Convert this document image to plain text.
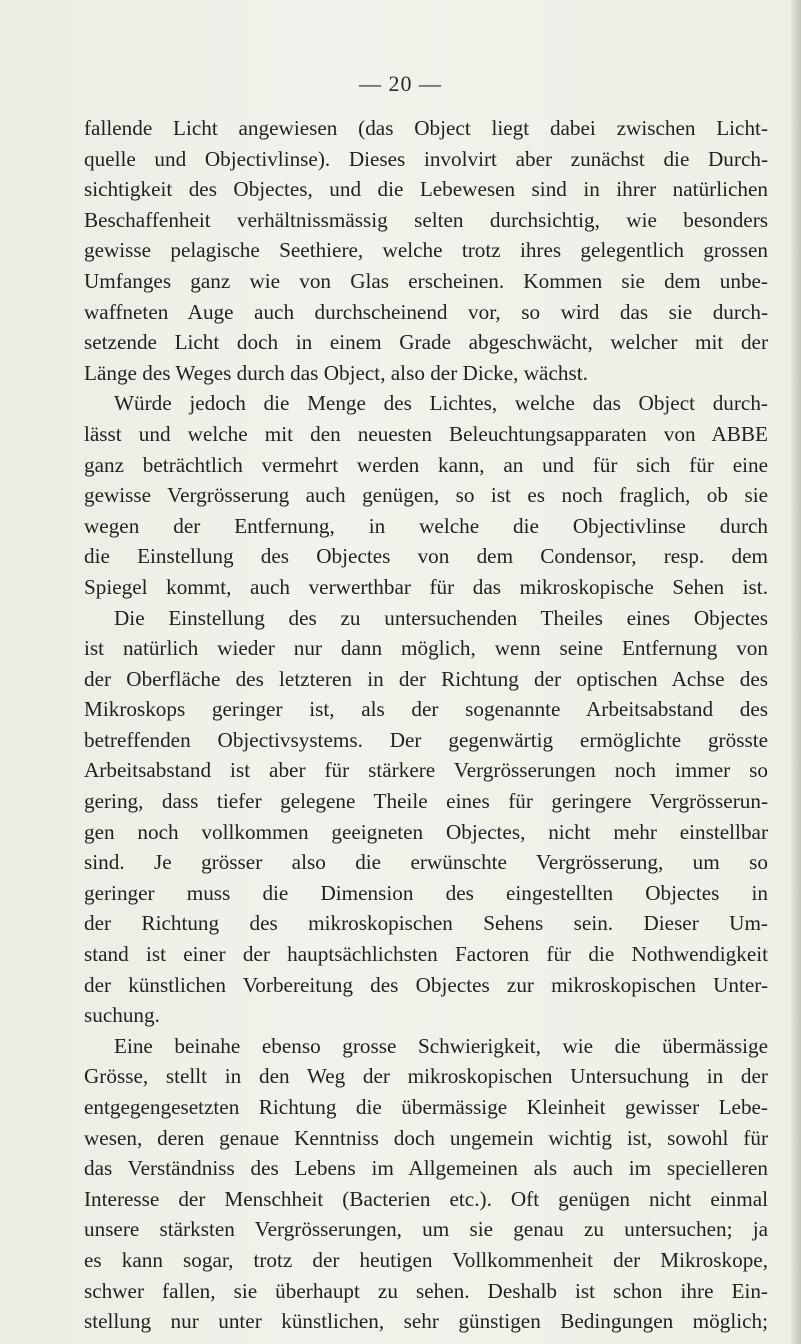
— 20 —
fallende Licht angewiesen (das Object liegt dabei zwischen Licht-
quelle und Objectivlinse). Dieses involvirt aber zunächst die Durch-
sichtigkeit des Objectes, und die Lebewesen sind in ihrer natürlichen
Beschaffenheit verhältnissmässig selten durchsichtig, wie besonders
gewisse pelagische Seethiere, welche trotz ihres gelegentlich grossen
Umfanges ganz wie von Glas erscheinen. Kommen sie dem unbe-
waffneten Auge auch durchscheinend vor, so wird das sie durch-
setzende Licht doch in einem Grade abgeschwächt, welcher mit der
Länge des Weges durch das Object, also der Dicke, wächst.
Würde jedoch die Menge des Lichtes, welche das Object durch-
lässt und welche mit den neuesten Beleuchtungsapparaten von ABBE
ganz beträchtlich vermehrt werden kann, an und für sich für eine
gewisse Vergrösserung auch genügen, so ist es noch fraglich, ob sie
wegen der Entfernung, in welche die Objectivlinse durch
die Einstellung des Objectes von dem Condensor, resp. dem
Spiegel kommt, auch verwerthbar für das mikroskopische Sehen ist.
Die Einstellung des zu untersuchenden Theiles eines Objectes
ist natürlich wieder nur dann möglich, wenn seine Entfernung von
der Oberfläche des letzteren in der Richtung der optischen Achse des
Mikroskops geringer ist, als der sogenannte Arbeitsabstand des
betreffenden Objectivsystems. Der gegenwärtig ermöglichte grösste
Arbeitsabstand ist aber für stärkere Vergrösserungen noch immer so
gering, dass tiefer gelegene Theile eines für geringere Vergrösserun-
gen noch vollkommen geeigneten Objectes, nicht mehr einstellbar
sind. Je grösser also die erwünschte Vergrösserung, um so
geringer muss die Dimension des eingestellten Objectes in
der Richtung des mikroskopischen Sehens sein. Dieser Um-
stand ist einer der hauptsächlichsten Factoren für die Nothwendigkeit
der künstlichen Vorbereitung des Objectes zur mikroskopischen Unter-
suchung.
Eine beinahe ebenso grosse Schwierigkeit, wie die übermässige
Grösse, stellt in den Weg der mikroskopischen Untersuchung in der
entgegengesetzten Richtung die übermässige Kleinheit gewisser Lebe-
wesen, deren genaue Kenntniss doch ungemein wichtig ist, sowohl für
das Verständniss des Lebens im Allgemeinen als auch im specielleren
Interesse der Menschheit (Bacterien etc.). Oft genügen nicht einmal
unsere stärksten Vergrösserungen, um sie genau zu untersuchen; ja
es kann sogar, trotz der heutigen Vollkommenheit der Mikroskope,
schwer fallen, sie überhaupt zu sehen. Deshalb ist schon ihre Ein-
stellung nur unter künstlichen, sehr günstigen Bedingungen möglich;
